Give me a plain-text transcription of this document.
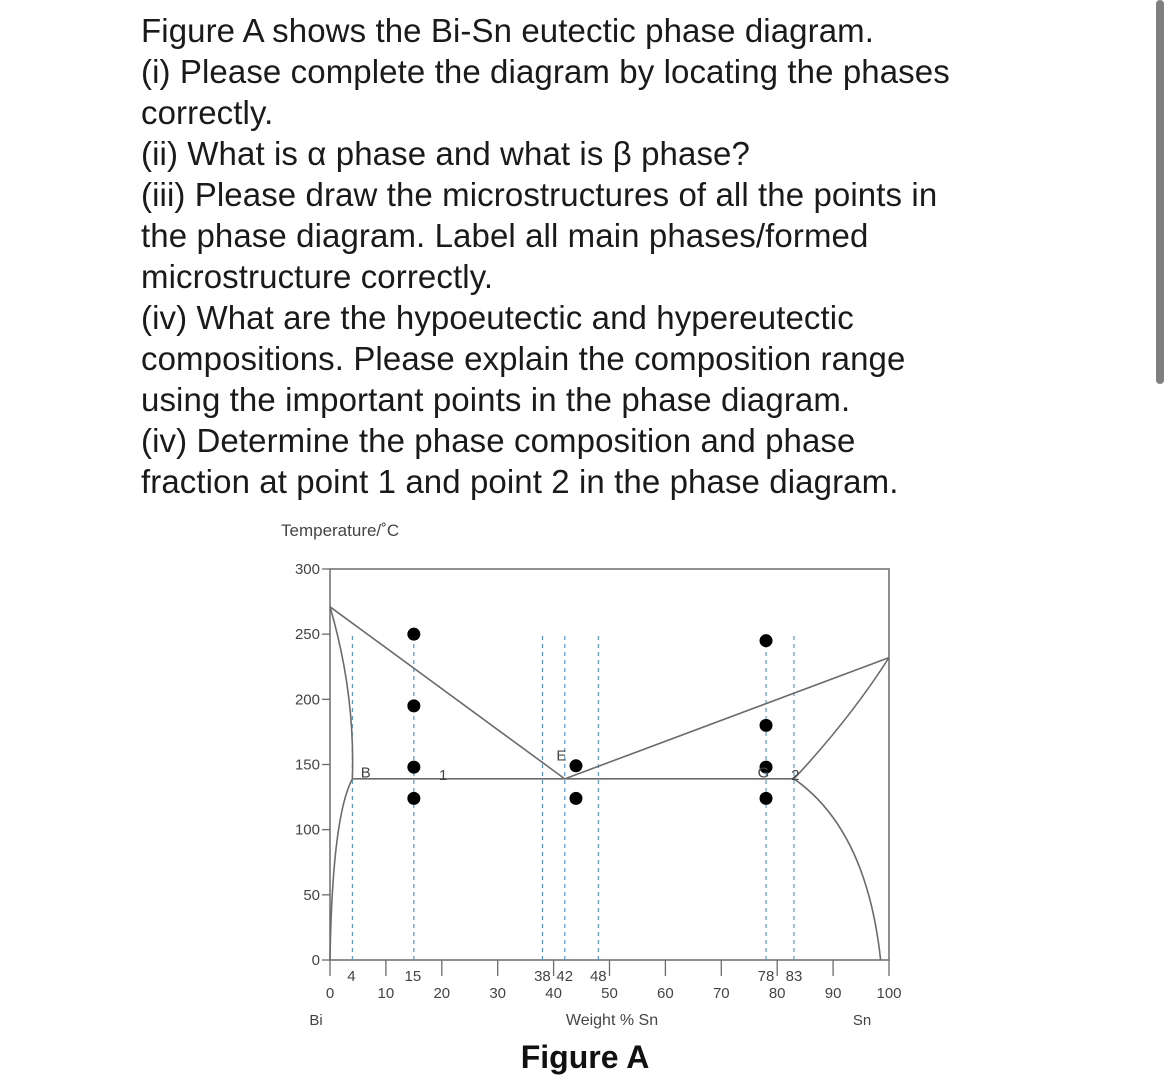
Figure A shows the Bi-Sn eutectic phase diagram.

(i) Please complete the diagram by locating the phases

correctly.

(ii) What is α phase and what is β phase?

(iii) Please draw the microstructures of all the points in

the phase diagram. Label all main phases/formed

microstructure correctly.

(iv) What are the hypoeutectic and hypereutectic

compositions. Please explain the composition range

using the important points in the phase diagram.

(iv) Determine the phase composition and phase

fraction at point 1 and point 2 in the phase diagram.

Temperature/˚C
Weight % Sn
Figure A
Bi	Sn
0
50
100
150
200
250
300
0	10	20	30	40	50	60	70	80	90 100
4	15	38 42 48	78 83
B
E
G
1	2
